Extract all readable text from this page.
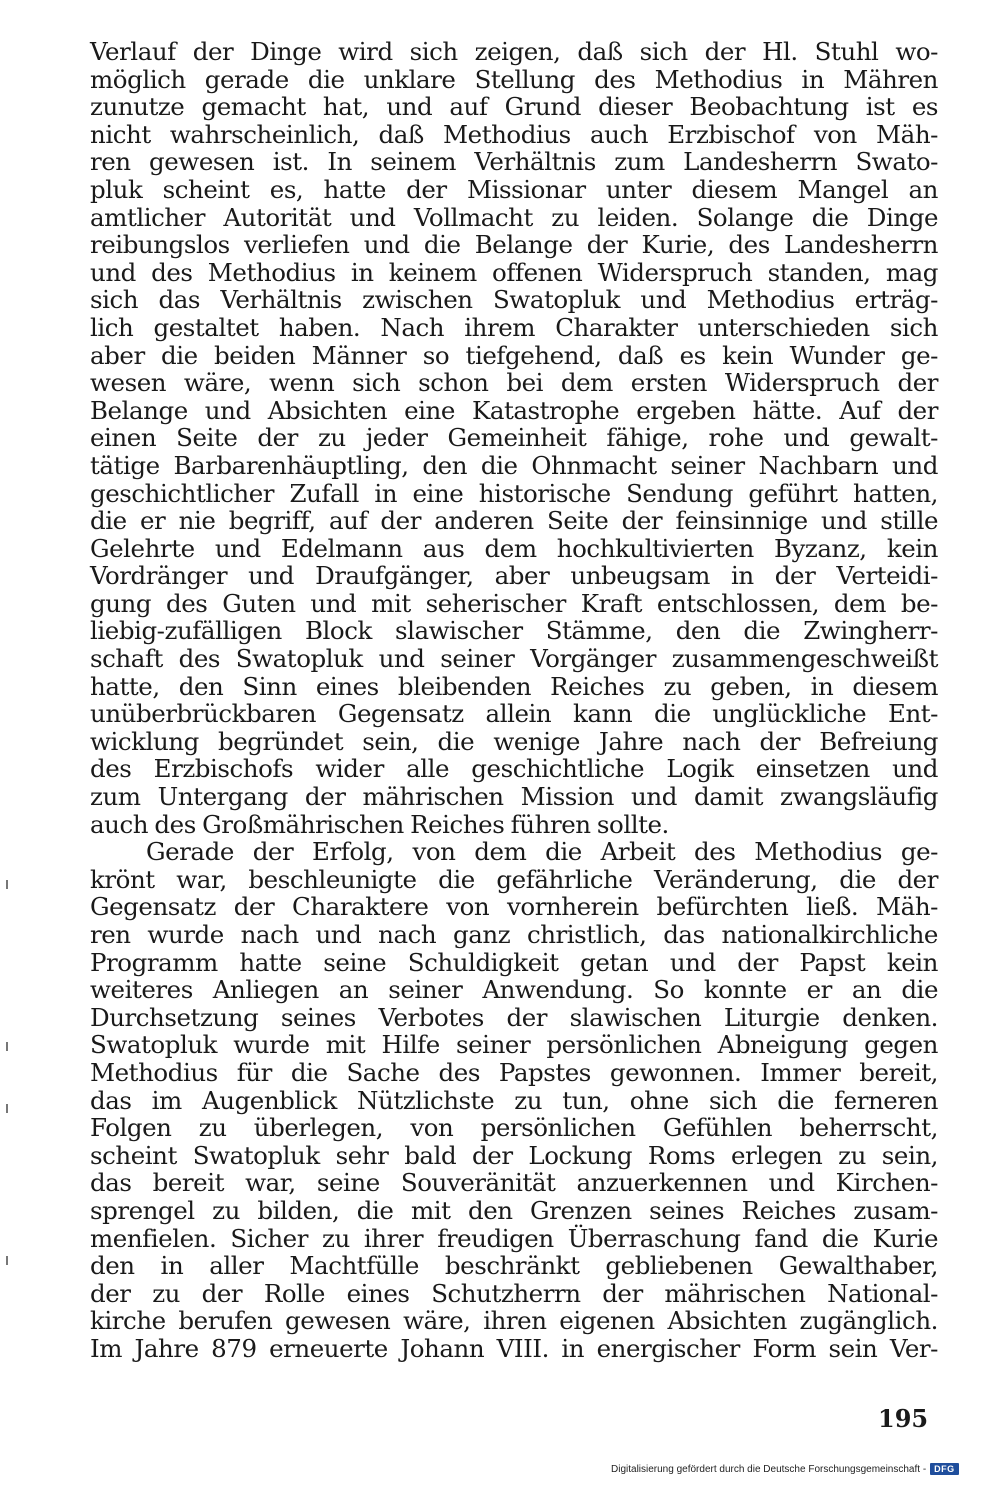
Verlauf der Dinge wird sich zeigen, daß sich der Hl. Stuhl wo-
möglich gerade die unklare Stellung des Methodius in Mähren
zunutze gemacht hat, und auf Grund dieser Beobachtung ist es
nicht wahrscheinlich, daß Methodius auch Erzbischof von Mäh-
ren gewesen ist. In seinem Verhältnis zum Landesherrn Swato-
pluk scheint es, hatte der Missionar unter diesem Mangel an
amtlicher Autorität und Vollmacht zu leiden. Solange die Dinge
reibungslos verliefen und die Belange der Kurie, des Landesherrn
und des Methodius in keinem offenen Widerspruch standen, mag
sich das Verhältnis zwischen Swatopluk und Methodius erträg-
lich gestaltet haben. Nach ihrem Charakter unterschieden sich
aber die beiden Männer so tiefgehend, daß es kein Wunder ge-
wesen wäre, wenn sich schon bei dem ersten Widerspruch der
Belange und Absichten eine Katastrophe ergeben hätte. Auf der
einen Seite der zu jeder Gemeinheit fähige, rohe und gewalt-
tätige Barbarenhäuptling, den die Ohnmacht seiner Nachbarn und
geschichtlicher Zufall in eine historische Sendung geführt hatten,
die er nie begriff, auf der anderen Seite der feinsinnige und stille
Gelehrte und Edelmann aus dem hochkultivierten Byzanz, kein
Vordränger und Draufgänger, aber unbeugsam in der Verteidi-
gung des Guten und mit seherischer Kraft entschlossen, dem be-
liebig-zufälligen Block slawischer Stämme, den die Zwingherr-
schaft des Swatopluk und seiner Vorgänger zusammengeschweißt
hatte, den Sinn eines bleibenden Reiches zu geben, in diesem
unüberbrückbaren Gegensatz allein kann die unglückliche Ent-
wicklung begründet sein, die wenige Jahre nach der Befreiung
des Erzbischofs wider alle geschichtliche Logik einsetzen und
zum Untergang der mährischen Mission und damit zwangsläufig
auch des Großmährischen Reiches führen sollte.
Gerade der Erfolg, von dem die Arbeit des Methodius ge-
krönt war, beschleunigte die gefährliche Veränderung, die der
Gegensatz der Charaktere von vornherein befürchten ließ. Mäh-
ren wurde nach und nach ganz christlich, das nationalkirchliche
Programm hatte seine Schuldigkeit getan und der Papst kein
weiteres Anliegen an seiner Anwendung. So konnte er an die
Durchsetzung seines Verbotes der slawischen Liturgie denken.
Swatopluk wurde mit Hilfe seiner persönlichen Abneigung gegen
Methodius für die Sache des Papstes gewonnen. Immer bereit,
das im Augenblick Nützlichste zu tun, ohne sich die ferneren
Folgen zu überlegen, von persönlichen Gefühlen beherrscht,
scheint Swatopluk sehr bald der Lockung Roms erlegen zu sein,
das bereit war, seine Souveränität anzuerkennen und Kirchen-
sprengel zu bilden, die mit den Grenzen seines Reiches zusam-
menfielen. Sicher zu ihrer freudigen Überraschung fand die Kurie
den in aller Machtfülle beschränkt gebliebenen Gewalthaber,
der zu der Rolle eines Schutzherrn der mährischen National-
kirche berufen gewesen wäre, ihren eigenen Absichten zugänglich.
Im Jahre 879 erneuerte Johann VIII. in energischer Form sein Ver-
195
Digitalisierung gefördert durch die Deutsche Forschungsgemeinschaft - DFG
